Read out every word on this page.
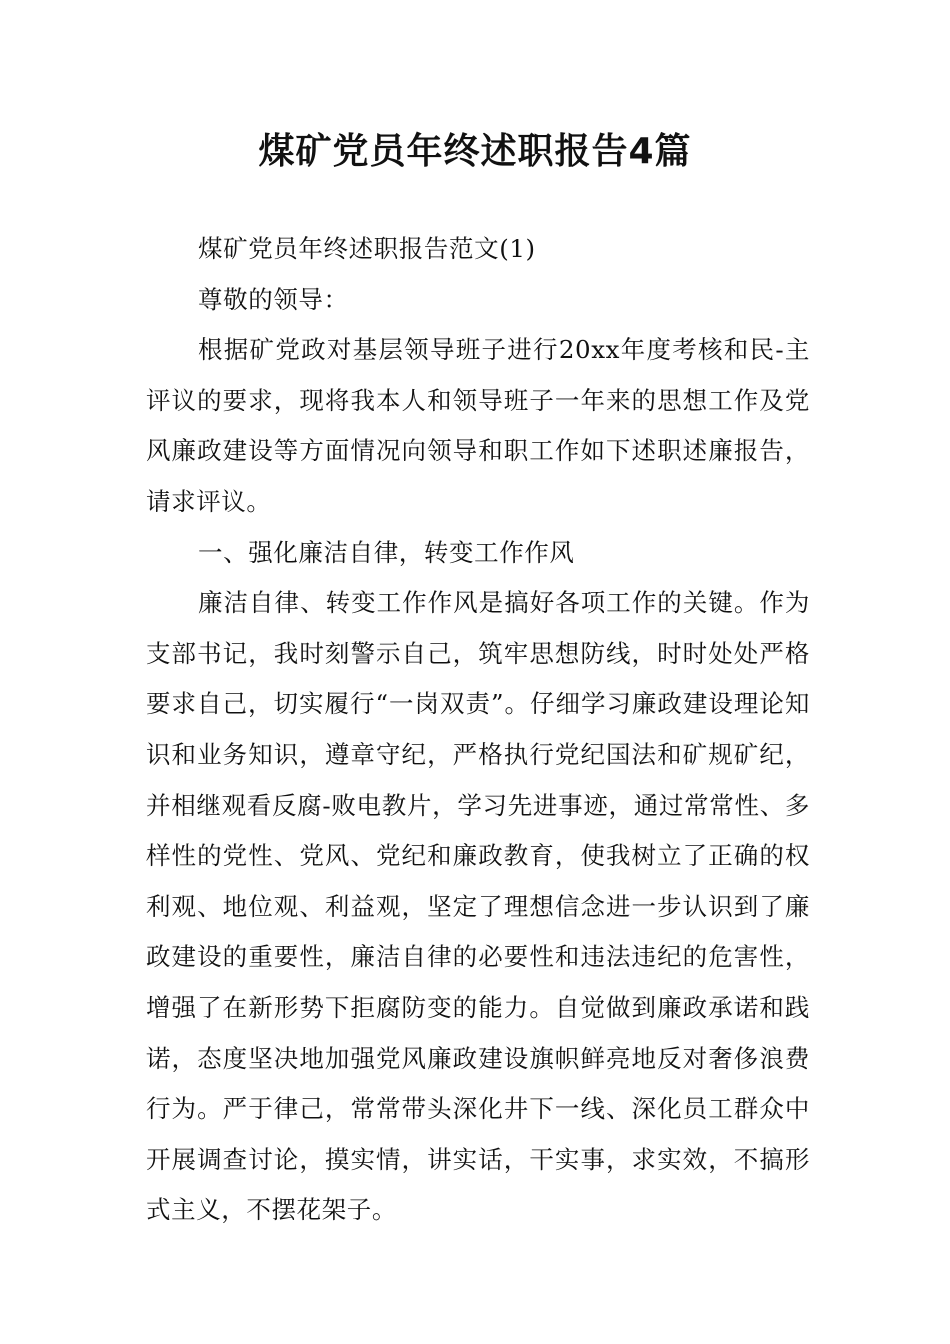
煤矿党员年终述职报告4篇

煤矿党员年终述职报告范文(1)

尊敬的领导：

根据矿党政对基层领导班子进行20xx年度考核和民-主评议的要求，现将我本人和领导班子一年来的思想工作及党风廉政建设等方面情况向领导和职工作如下述职述廉报告，请求评议。

一、强化廉洁自律，转变工作作风

廉洁自律、转变工作作风是搞好各项工作的关键。作为支部书记，我时刻警示自己，筑牢思想防线，时时处处严格要求自己，切实履行“一岗双责”。仔细学习廉政建设理论知识和业务知识，遵章守纪，严格执行党纪国法和矿规矿纪，并相继观看反腐-败电教片，学习先进事迹，通过常常性、多样性的党性、党风、党纪和廉政教育，使我树立了正确的权利观、地位观、利益观，坚定了理想信念进一步认识到了廉政建设的重要性，廉洁自律的必要性和违法违纪的危害性，增强了在新形势下拒腐防变的能力。自觉做到廉政承诺和践诺，态度坚决地加强党风廉政建设旗帜鲜亮地反对奢侈浪费行为。严于律己，常常带头深化井下一线、深化员工群众中开展调查讨论，摸实情，讲实话，干实事，求实效，不搞形式主义，不摆花架子。
